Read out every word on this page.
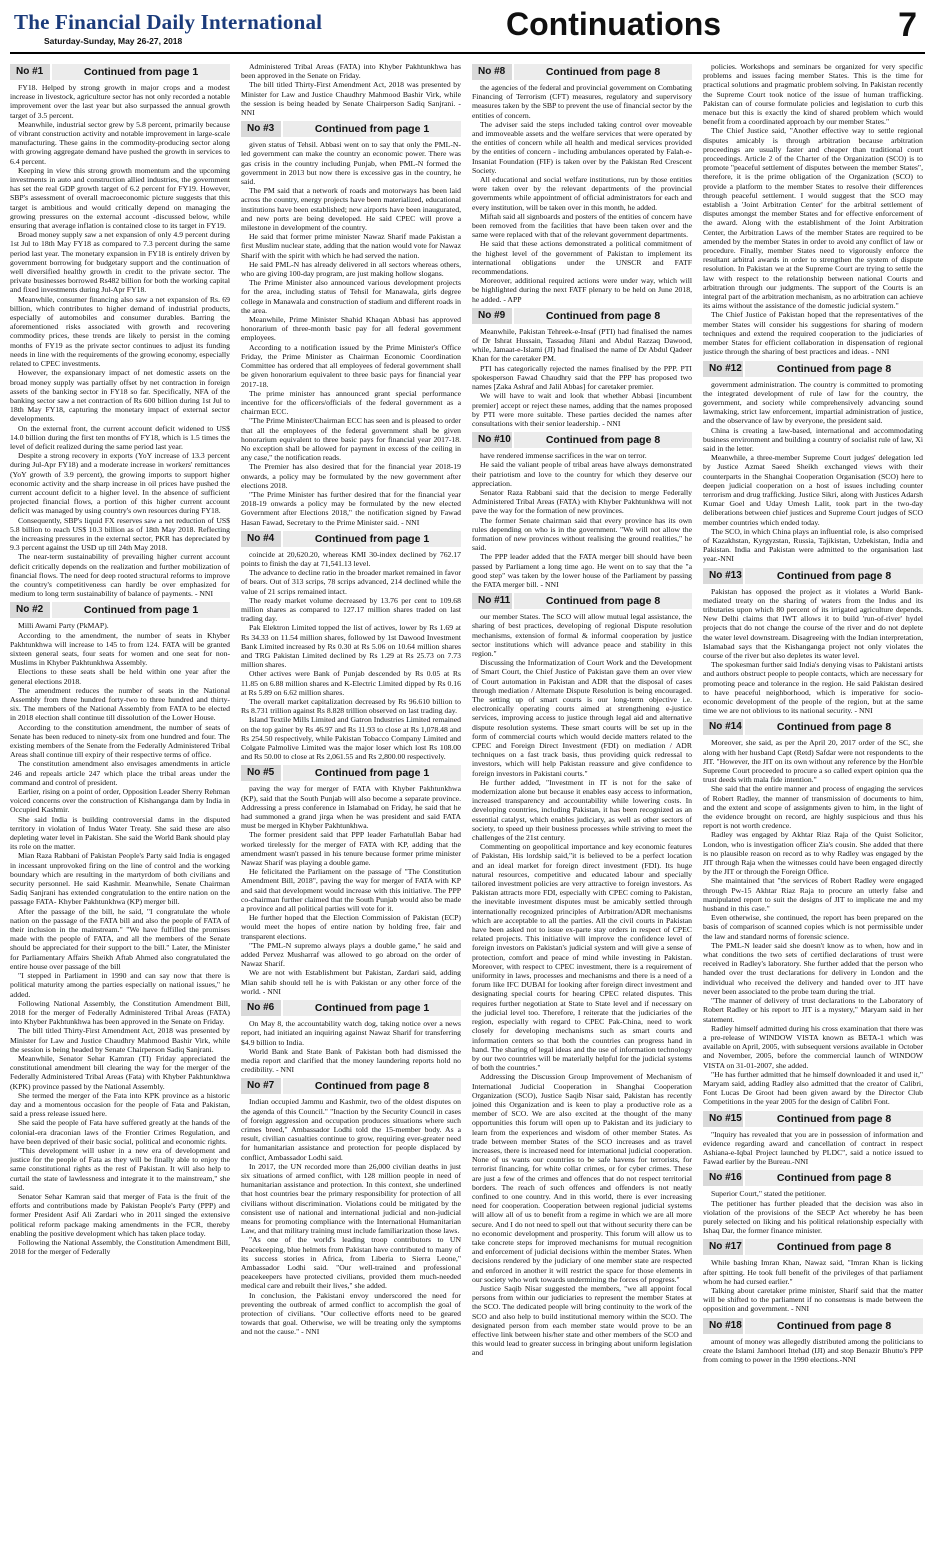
The Financial Daily International
Saturday-Sunday, May 26-27, 2018	Continuations	7
No #1	Continued from page 1

FY18. Helped by strong growth in major crops and a modest increase in livestock, agriculture sector has not only recorded a notable improvement over the last year but also surpassed the annual growth target of 3.5 percent.

Meanwhile, industrial sector grew by 5.8 percent, primarily because of vibrant construction activity and notable improvement in large-scale manufacturing. These gains in the commodity-producing sector along with growing aggregate demand have pushed the growth in services to 6.4 percent.

Keeping in view this strong growth momentum and the upcoming investments in auto and construction allied industries, the government has set the real GDP growth target of 6.2 percent for FY19. However, SBP's assessment of overall macroeconomic picture suggests that this target is ambitious and would critically depend on managing the growing pressures on the external account -discussed below, while ensuring that average inflation is contained close to its target in FY19.

Broad money supply saw a net expansion of only 4.9 percent during 1st Jul to 18th May FY18 as compared to 7.3 percent during the same period last year. The monetary expansion in FY18 is entirely driven by government borrowing for budgetary support and the continuation of well diversified healthy growth in credit to the private sector. The private businesses borrowed Rs482 billion for both the working capital and fixed investments during Jul-Apr FY18.

Meanwhile, consumer financing also saw a net expansion of Rs. 69 billion, which contributes to higher demand of industrial products, especially of automobiles and consumer durables. Barring the aforementioned risks associated with growth and recovering commodity prices, these trends are likely to persist in the coming months of FY19 as the private sector continues to adjust its funding needs in line with the requirements of the growing economy, especially related to CPEC investments.

However, the expansionary impact of net domestic assets on the broad money supply was partially offset by net contraction in foreign assets of the banking sector in FY18 so far. Specifically, NFA of the banking sector saw a net contraction of Rs 600 billion during 1st Jul to 18th May FY18, capturing the monetary impact of external sector developments.

On the external front, the current account deficit widened to US$ 14.0 billion during the first ten months of FY18, which is 1.5 times the level of deficit realized during the same period last year.

Despite a strong recovery in exports (YoY increase of 13.3 percent during Jul-Apr FY18) and a moderate increase in workers' remittances (YoY growth of 3.9 percent), the growing imports to support higher economic activity and the sharp increase in oil prices have pushed the current account deficit to a higher level. In the absence of sufficient projected financial flows, a portion of this higher current account deficit was managed by using country's own resources during FY18.

Consequently, SBP's liquid FX reserves saw a net reduction of US$ 5.8 billion to reach US$ 10.3 billion as of 18th May 2018. Reflecting the increasing pressures in the external sector, PKR has depreciated by 9.3 percent against the USD up till 24th May 2018.

The near-term sustainability of prevailing higher current account deficit critically depends on the realization and further mobilization of financial flows. The need for deep rooted structural reforms to improve the country's competitiveness can hardly be over emphasized for medium to long term sustainability of balance of payments. - NNI

No #2	Continued from page 1

Milli Awami Party (PkMAP).

According to the amendment, the number of seats in Khyber Pakhtunkhwa will increase to 145 to from 124. FATA will be granted sixteen general seats, four seats for women and one seat for non-Muslims in Khyber Pakhtunkhwa Assembly.

Elections to these seats shall be held within one year after the general elections 2018.

The amendment reduces the number of seats in the National Assembly from three hundred forty-two to three hundred and thirty-six. The members of the National Assembly from FATA to be elected in 2018 election shall continue till dissolution of the Lower House.

According to the constitution amendment, the number of seats of Senate has been reduced to ninety-six from one hundred and four. The existing members of the Senate from the Federally Administered Tribal Areas shall continue till expiry of their respective terms of office.

The constitution amendment also envisages amendments in article 246 and repeals article 247 which place the tribal areas under the command and control of president.

Earlier, rising on a point of order, Opposition Leader Sherry Rehman voiced concerns over the construction of Kishanganga dam by India in Occupied Kashmir.

She said India is building controversial dams in the disputed territory in violation of Indus Water Treaty. She said these are also depleting water level in Pakistan. She said the World Bank should play its role on the matter.

Mian Raza Rabbani of Pakistan People's Party said India is engaged in incessant unprovoked firing on the line of control and the working boundary which are resulting in the martyrdom of both civilians and security personnel. He said Kashmir. Meanwhile, Senate Chairman Sadiq Sanjrani has extended congratulation to the entire nation on the passage FATA- Khyber Pakhtunkhwa (KP) merger bill.

After the passage of the bill, he said, "I congratulate the whole nation on the passage of the FATA bill and also the people of FATA of their inclusion in the mainstream." "We have fulfilled the promises made with the people of FATA, and all the members of the Senate should be appreciated for their support to the bill." Later, the Minister for Parliamentary Affairs Sheikh Aftab Ahmed also congratulated the entire house over passage of the bill

"I stepped in Parliament in 1990 and can say now that there is political maturity among the parties especially on national issues," he added.

Following National Assembly, the Constitution Amendment Bill, 2018 for the merger of Federally Administered Tribal Areas (FATA) into Khyber Pakhtunkhwa has been approved in the Senate on Friday.

The bill titled Thirty-First Amendment Act, 2018 was presented by Minister for Law and Justice Chaudhry Mahmood Bashir Virk, while the session is being headed by Senate Chairperson Sadiq Sanjrani.

Meanwhile, Senator Sehar Kamran (TI) Friday appreciated the constitutional amendment bill clearing the way for the merger of the Federally Administered Tribal Areas (Fata) with Khyber Pakhtunkhwa (KPK) province passed by the National Assembly.

She termed the merger of the Fata into KPK province as a historic day and a momentous occasion for the people of Fata and Pakistan, said a press release issued here.

She said the people of Fata have suffered greatly at the hands of the colonial-era draconian laws of the Frontier Crimes Regulation, and have been deprived of their basic social, political and economic rights.

"This development will usher in a new era of development and justice for the people of Fata as they will be finally able to enjoy the same constitutional rights as the rest of Pakistan. It will also help to curtail the state of lawlessness and integrate it to the mainstream," she said.

Senator Sehar Kamran said that merger of Fata is the fruit of the efforts and contributions made by Pakistan People's Party (PPP) and former President Asif Ali Zardari who in 2011 singed the extensive political reform package making amendments in the FCR, thereby enabling the positive development which has taken place today.

Following the National Assembly, the Constitution Amendment Bill, 2018 for the merger of Federally

Administered Tribal Areas (FATA) into Khyber Pakhtunkhwa has been approved in the Senate on Friday.

The bill titled Thirty-First Amendment Act, 2018 was presented by Minister for Law and Justice Chaudhry Mahmood Bashir Virk, while the session is being headed by Senate Chairperson Sadiq Sanjrani. - NNI

No #3	Continued from page 1

given status of Tehsil. Abbasi went on to say that only the PML-N-led government can make the country an economic power. There was gas crisis in the country including Punjab, when PML-N formed the government in 2013 but now there is excessive gas in the country, he said.

The PM said that a network of roads and motorways has been laid across the country, energy projects have been materialized, educational institutions have been established; new airports have been inaugurated, and new ports are being developed. He said CPEC will prove a milestone in development of the country.

He said that former prime minister Nawaz Sharif made Pakistan a first Muslim nuclear state, adding that the nation would vote for Nawaz Sharif with the spirit with which he had served the nation.

He said PML-N has already delivered in all sectors whereas others, who are giving 100-day program, are just making hollow slogans.

The Prime Minister also announced various development projects for the area, including status of Tehsil for Manawala, girls degree college in Manawala and construction of stadium and different roads in the area.

Meanwhile, Prime Minister Shahid Khaqan Abbasi has approved honorarium of three-month basic pay for all federal government employees.

According to a notification issued by the Prime Minister's Office Friday, the Prime Minister as Chairman Economic Coordination Committee has ordered that all employees of federal government shall be given honorarium equivalent to three basic pays for financial year 2017-18.

The prime minister has announced grant special performance incentive for the officers/officials of the federal government as a chairman ECC.

"The Prime Minister/Chairman ECC has seen and is pleased to order that all the employees of the federal government shall be given honorarium equivalent to three basic pays for financial year 2017-18. No exception shall be allowed for payment in excess of the ceiling in any case," the notification reads.

The Premier has also desired that for the financial year 2018-19 onwards, a policy may be formulated by the new government after elections 2018.

"The Prime Minister has further desired that for the financial year 2018-19 onwards a policy may be formulated by the new elected Government after Elections 2018," the notification signed by Fawad Hasan Fawad, Secretary to the Prime Minister said. - NNI

No #4	Continued from page 1

coincide at 20,620.20, whereas KMI 30-index declined by 762.17 points to finish the day at 71,541.13 level.

The advance to decline ratio in the broader market remained in favor of bears. Out of 313 scrips, 78 scrips advanced, 214 declined while the value of 21 scrips remained intact.

The ready market volume decreased by 13.76 per cent to 109.68 million shares as compared to 127.17 million shares traded on last trading day.

Pak Elektron Limited topped the list of actives, lower by Rs 1.69 at Rs 34.33 on 11.54 million shares, followed by 1st Dawood Investment Bank Limited increased by Rs 0.30 at Rs 5.06 on 10.64 million shares and TRG Pakistan Limited declined by Rs 1.29 at Rs 25.73 on 7.73 million shares.

Other actives were Bank of Punjab descended by Rs 0.05 at Rs 11.85 on 6.88 million shares and K-Electric Limited dipped by Rs 0.16 at Rs 5.89 on 6.62 million shares.

The overall market capitalization decreased by Rs 96.610 billion to Rs 8.731 trillion against Rs 8.828 trillion observed on last trading day.

Island Textile Mills Limited and Gatron Industries Limited remained on the top gainer by Rs 46.97 and Rs 11.93 to close at Rs 1,078.48 and Rs 254.50 respectively, while Pakistan Tobacco Company Limited and Colgate Palmolive Limited was the major loser which lost Rs 108.00 and Rs 50.00 to close at Rs 2,061.55 and Rs 2,800.00 respectively.

No #5	Continued from page 1

paving the way for merger of FATA with Khyber Pakhtunkhwa (KP), said that the South Punjab will also become a separate province. Addressing a press conference in Islamabad on Friday, he said that he had summoned a grand jirga when he was president and said FATA must be merged in Khyber Pakhtunkhwa.

The former president said that PPP leader Farhatullah Babar had worked tirelessly for the merger of FATA with KP, adding that the amendment wasn't passed in his tenure because former prime minister Nawaz Sharif was playing a double game.

He felicitated the Parliament on the passage of "The Constitution Amendment Bill, 2018", paving the way for merger of FATA with KP and said that development would increase with this initiative. The PPP co-chairman further claimed that the South Punjab would also be made a province and all political parties will vote for it.

He further hoped that the Election Commission of Pakistan (ECP) would meet the hopes of entire nation by holding free, fair and transparent elections.

"The PML-N supremo always plays a double game," he said and added Pervez Musharraf was allowed to go abroad on the order of Nawaz Sharif.

We are not with Establishment but Pakistan, Zardari said, adding Mian sahib should tell he is with Pakistan or any other force of the world. - NNI

No #6	Continued from page 1

On May 8, the accountability watch dog, taking notice over a news report, had initiated an inquiring against Nawaz Sharif for transferring $4.9 billion to India.

World Bank and State Bank of Pakistan both had dismissed the media report and clarified that the money laundering reports hold no credibility. - NNI

No #7	Continued from page 8

Indian occupied Jammu and Kashmir, two of the oldest disputes on the agenda of this Council." "Inaction by the Security Council in cases of foreign aggression and occupation produces situations where such crimes breed," Ambassador Lodhi told the 15-member body. As a result, civilian casualties continue to grow, requiring ever-greater need for humanitarian assistance and protection for people displaced by conflict, Ambassador Lodhi said.

In 2017, the UN recorded more than 26,000 civilian deaths in just six situations of armed conflict, with 128 million people in need of humanitarian assistance and protection. In this context, she underlined that host countries bear the primary responsibility for protection of all civilians without discrimination. Violations could be mitigated by the consistent use of national and international judicial and non-judicial means for promoting compliance with the International Humanitarian Law, and that military training must include familiarization those laws.

"As one of the world's leading troop contributors to UN Peacekeeping, blue helmets from Pakistan have contributed to many of its success stories in Africa, from Liberia to Sierra Leone," Ambassador Lodhi said. "Our well-trained and professional peacekeepers have protected civilians, provided them much-needed medical care and rebuilt their lives," she added.

In conclusion, the Pakistani envoy underscored the need for preventing the outbreak of armed conflict to accomplish the goal of protection of civilians. "Our collective efforts need to be geared towards that goal. Otherwise, we will be treating only the symptoms and not the cause." - NNI

No #8	Continued from page 8

the agencies of the federal and provincial government on Combating Financing of Terrorism (CFT) measures, regulatory and supervisory measures taken by the SBP to prevent the use of financial sector by the entities of concern.

The adviser said the steps included taking control over moveable and immoveable assets and the welfare services that were operated by the entities of concern while all health and medical services provided by the entities of concern - including ambulances operated by Falah-e-Insaniat Foundation (FIF) is taken over by the Pakistan Red Crescent Society.

All educational and social welfare institutions, run by those entities were taken over by the relevant departments of the provincial governments while appointment of official administrators for each and every institution, will be taken over in this month, he added.

Miftah said all signboards and posters of the entities of concern have been removed from the facilities that have been taken over and the same were replaced with that of the relevant government departments.

He said that these actions demonstrated a political commitment of the highest level of the government of Pakistan to implement its international obligations under the UNSCR and FATF recommendations.

Moreover, additional required actions were under way, which will be highlighted during the next FATF plenary to be held on June 2018, he added. - APP

No #9	Continued from page 8

Meanwhile, Pakistan Tehreek-e-Insaf (PTI) had finalised the names of Dr Ishrat Hussain, Tassaduq Jilani and Abdul Razzaq Dawood, while, Jamaat-e-Islami (JI) had finalised the name of Dr Abdul Qadeer Khan for the caretaker PM.

PTI has categorically rejected the names finalised by the PPP. PTI spokesperson Fawad Chaudhry said that the PPP has proposed two names [Zaka Ashraf and Jalil Abbas] for caretaker premier.

We will have to wait and look that whether Abbasi [incumbent premier] accept or reject these names, adding that the names proposed by PTI were more suitable. These parties decided the names after consultations with their senior leadership. - NNI

No #10	Continued from page 8

have rendered immense sacrifices in the war on terror.

He said the valiant people of tribal areas have always demonstrated their patriotism and love to the country for which they deserve our appreciation.

Senator Raza Rabbani said that the decision to merge Federally Administered Tribal Areas (FATA) with Khyber Pakhtunkhwa will not pave the way for the formation of new provinces.

The former Senate chairman said that every province has its own rules depending on who is in the government. "We will not allow the formation of new provinces without realising the ground realities," he said.

The PPP leader added that the FATA merger bill should have been passed by Parliament a long time ago. He went on to say that the "a good step" was taken by the lower house of the Parliament by passing the FATA merger bill. - NNI

No #11	Continued from page 8

our member States. The SCO will allow mutual legal assistance, the sharing of best practices, developing of regional Dispute resolution mechanisms, extension of formal & informal cooperation by justice sector institutions which will advance peace and stability in this region."

Discussing the Informatization of Court Work and the Development of Smart Court, the Chief Justice of Pakistan gave them an over view of Court automation in Pakistan and ADR that the disposal of cases through mediation / Alternate Dispute Resolution is being encouraged. The setting up of smart courts is our long-term objective i.e. electronically operating courts aimed at strengthening e-justice services, improving access to justice through legal aid and alternative dispute resolution systems. These smart courts will be set up in the form of commercial courts which would decide matters related to the CPEC and Foreign Direct Investment (FDI) on mediation / ADR techniques on a fast track basis, thus providing quick redressal to investors, which will help Pakistan reassure and give confidence to foreign investors in Pakistani courts."

He further added, "Investment in IT is not for the sake of modernization alone but because it enables easy access to information, increased transparency and accountability while lowering costs. In developing countries, including Pakistan, it has been recognized as an essential catalyst, which enables judiciary, as well as other sectors of society, to speed up their business processes while striving to meet the challenges of the 21st century.

Commenting on geopolitical importance and key economic features of Pakistan, His lordship said,"it is believed to be a perfect location and an ideal market for foreign direct investment (FDI). Its huge natural resources, competitive and educated labour and specially tailored investment policies are very attractive to foreign investors. As Pakistan attracts more FDI, especially with CPEC coming to Pakistan, the inevitable investment disputes must be amicably settled through internationally recognized principles of Arbitration/ADR mechanisms which are acceptable to all the parties. All the civil courts in Pakistan have been asked not to issue ex-parte stay orders in respect of CPEC related projects. This initiative will improve the confidence level of foreign investors on Pakistan's judicial system and will give a sense of protection, comfort and peace of mind while investing in Pakistan. Moreover, with respect to CPEC investment, there is a requirement of uniformity in laws, processes and mechanisms and there is a need of a forum like IFC DUBAI for looking after foreign direct investment and designating special courts for hearing CPEC related disputes. This requires further negotiation at State to State level and if necessary on the judicial level too. Therefore, I reiterate that the judiciaries of the region, especially with regard to CPEC Pak-China, need to work closely for developing mechanisms such as smart courts and information centers so that both the countries can progress hand in hand. The sharing of legal ideas and the use of information technology by our two countries will be materially helpful for the judicial systems of both the countries."

Addressing the Discussion Group Improvement of Mechanism of International Judicial Cooperation in Shanghai Cooperation Organization (SCO), Justice Saqib Nisar said, Pakistan has recently joined this Organization and is keen to play a productive role as a member of SCO. We are also excited at the thought of the many opportunities this forum will open up to Pakistan and its judiciary to learn from the experiences and wisdom of other member States. As trade between member States of the SCO increases and as travel increases, there is increased need for international judicial cooperation. None of us wants our countries to be safe havens for terrorists, for terrorist financing, for white collar crimes, or for cyber crimes. These are just a few of the crimes and offences that do not respect territorial borders. The reach of such offences and offenders is not neatly confined to one country. And in this world, there is ever increasing need for cooperation. Cooperation between regional judicial systems will allow all of us to benefit from a regime in which we are all more secure. And I do not need to spell out that without security there can be no economic development and prosperity. This forum will allow us to take concrete steps for improved mechanisms for mutual recognition and enforcement of judicial decisions within the member States. When decisions rendered by the judiciary of one member state are respected and enforced in another it will restrict the space for those elements in our society who work towards undermining the forces of progress."

Justice Saqib Nisar suggested the members, "we all appoint focal persons from within our judiciaries to represent the member States at the SCO. The dedicated people will bring continuity to the work of the SCO and also help to build institutional memory within the SCO. The designated person from each member state would prove to be an effective link between his/her state and other members of the SCO and this would lead to greater success in bringing about uniform legislation and

policies. Workshops and seminars be organized for very specific problems and issues facing member States. This is the time for practical solutions and pragmatic problem solving. In Pakistan recently the Supreme Court took notice of the issue of human trafficking. Pakistan can of course formulate policies and legislation to curb this menace but this is exactly the kind of shared problem which would benefit from a coordinated approach by our member States."

The Chief Justice said, "Another effective way to settle regional disputes amicably is through arbitration because arbitration proceedings are usually faster and cheaper than traditional court proceedings. Article 2 of the Charter of the Organization (SCO) is to promote "peaceful settlement of disputes between the member States", therefore, it is the prime obligation of the Organization (SCO) to provide a platform to the member States to resolve their differences through peaceful settlement. I would suggest that the SCO may establish a 'Joint Arbitration Center' for the arbitral settlement of disputes amongst the member States and for effective enforcement of the award. Along with the establishment of the Joint Arbitration Center, the Arbitration Laws of the member States are required to be amended by the member States in order to avoid any conflict of law or procedure. Finally, member States need to vigorously enforce the resultant arbitral awards in order to strengthen the system of dispute resolution. In Pakistan we at the Supreme Court are trying to settle the law with respect to the relationship between national Courts and arbitration through our judgments. The support of the Courts is an integral part of the arbitration mechanism, as no arbitration can achieve its aims without the assistance of the domestic judicial system."

The Chief Justice of Pakistan hoped that the representatives of the member States will consider his suggestions for sharing of modern techniques and extend the required cooperation to the judiciaries of member States for efficient collaboration in dispensation of regional justice through the sharing of best practices and ideas. - NNI

No #12	Continued from page 8

government administration. The country is committed to promoting the integrated development of rule of law for the country, the government, and society while comprehensively advancing sound lawmaking, strict law enforcement, impartial administration of justice, and the observance of law by everyone, the president said.

China is creating a law-based, international and accommodating business environment and building a country of socialist rule of law, Xi said in the letter.

Meanwhile, a three-member Supreme Court judges' delegation led by Justice Azmat Saeed Sheikh exchanged views with their counterparts in the Shanghai Cooperation Organisation (SCO) here to deepen judicial cooperation on a host of issues including counter terrorism and drug trafficking. Justice Sikri, along with Justices Adarsh Kumar Goel and Uday Umesh Lalit, took part in the two-day deliberations between chief justices and Supreme Court judges of SCO member countries which ended today.

The SCO, in which China plays an influential role, is also comprised of Kazakhstan, Kyrgyzstan, Russia, Tajikistan, Uzbekistan, India and Pakistan. India and Pakistan were admitted to the organisation last year.-NNI

No #13	Continued from page 8

Pakistan has opposed the project as it violates a World Bank-mediated treaty on the sharing of waters from the Indus and its tributaries upon which 80 percent of its irrigated agriculture depends. New Delhi claims that IWT allows it to build 'run-of-river' hydel projects that do not change the course of the river and do not deplete the water level downstream. Disagreeing with the Indian interpretation, Islamabad says that the Kishanganga project not only violates the course of the river but also depletes its water level.

The spokesman further said India's denying visas to Pakistani artists and authors obstruct people to people contacts, which are necessary for promoting peace and tolerance in the region. He said Pakistan desired to have peaceful neighborhood, which is imperative for socio-economic development of the people of the region, but at the same time we are not oblivious to its national security. - NNI

No #14	Continued from page 8

Moreover, she said, as per the April 20, 2017 order of the SC, she along with her husband Capt (Retd) Safdar were not respondents to the JIT. "However, the JIT on its own without any reference by the Hon'ble Supreme Court proceeded to procure a so called expert opinion qua the trust deeds with mala fide intention."

She said that the entire manner and process of engaging the services of Robert Radley, the manner of transmission of documents to him, and the extent and scope of assignments given to him, in the light of the evidence brought on record, are highly suspicious and thus his report is not worth credence.

Radley was engaged by Akhtar Riaz Raja of the Quist Solicitor, London, who is investigation officer Zia's cousin. She added that there is no plausible reason on record as to why Radley was engaged by the JIT through Raja when the witnesses could have been engaged directly by the JIT or through the Foreign Office.

She maintained that "the services of Robert Radley were engaged through Pw-15 Akhtar Riaz Raja to procure an utterly false and manipulated report to suit the designs of JIT to implicate me and my husband in this case."

Even otherwise, she continued, the report has been prepared on the basis of comparison of scanned copies which is not permissible under the law and standard norms of forensic science.

The PML-N leader said she doesn't know as to when, how and in what conditions the two sets of certified declarations of trust were received in Radley's laboratory. She further added that the person who handed over the trust declarations for delivery in London and the individual who received the delivery and handed over to JIT have never been associated to the probe team during the trial.

"The manner of delivery of trust declarations to the Laboratory of Robert Radley or his report to JIT is a mystery," Maryam said in her statement.

Radley himself admitted during his cross examination that there was a pre-release of WINDOW VISTA known as BETA-1 which was available on April, 2005, with subsequent versions available in October and November, 2005, before the commercial launch of WINDOW VISTA on 31-01-2007, she added.

"He has further admitted that he himself downloaded it and used it," Maryam said, adding Radley also admitted that the creator of Calibri, Font Lucas De Groot had been given award by the Director Club Competitions in the year 2005 for the design of Calibri Font.

No #15	Continued from page 8

"Inquiry has revealed that you are in possession of information and evidence regarding award and cancellation of contract in respect Ashiana-e-Iqbal Project launched by PLDC", said a notice issued to Fawad earlier by the Bureau.-NNI

No #16	Continued from page 8

Superior Court," stated the petitioner.

The petitioner has further pleaded that the decision was also in violation of the provisions of the SECP Act whereby he has been purely selected on liking and his political relationship especially with Ishaq Dar, the former finance minister.

No #17	Continued from page 8

While bashing Imran Khan, Nawaz said, "Imran Khan is licking after spitting. He took full benefit of the privileges of that parliament whom he had cursed earlier."

Talking about caretaker prime minister, Sharif said that the matter will be shifted to the parliament if no consensus is made between the opposition and government. - NNI

No #18	Continued from page 8

amount of money was allegedly distributed among the politicians to create the Islami Jamhoori Ittehad (IJI) and stop Benazir Bhutto's PPP from coming to power in the 1990 elections.-NNI
